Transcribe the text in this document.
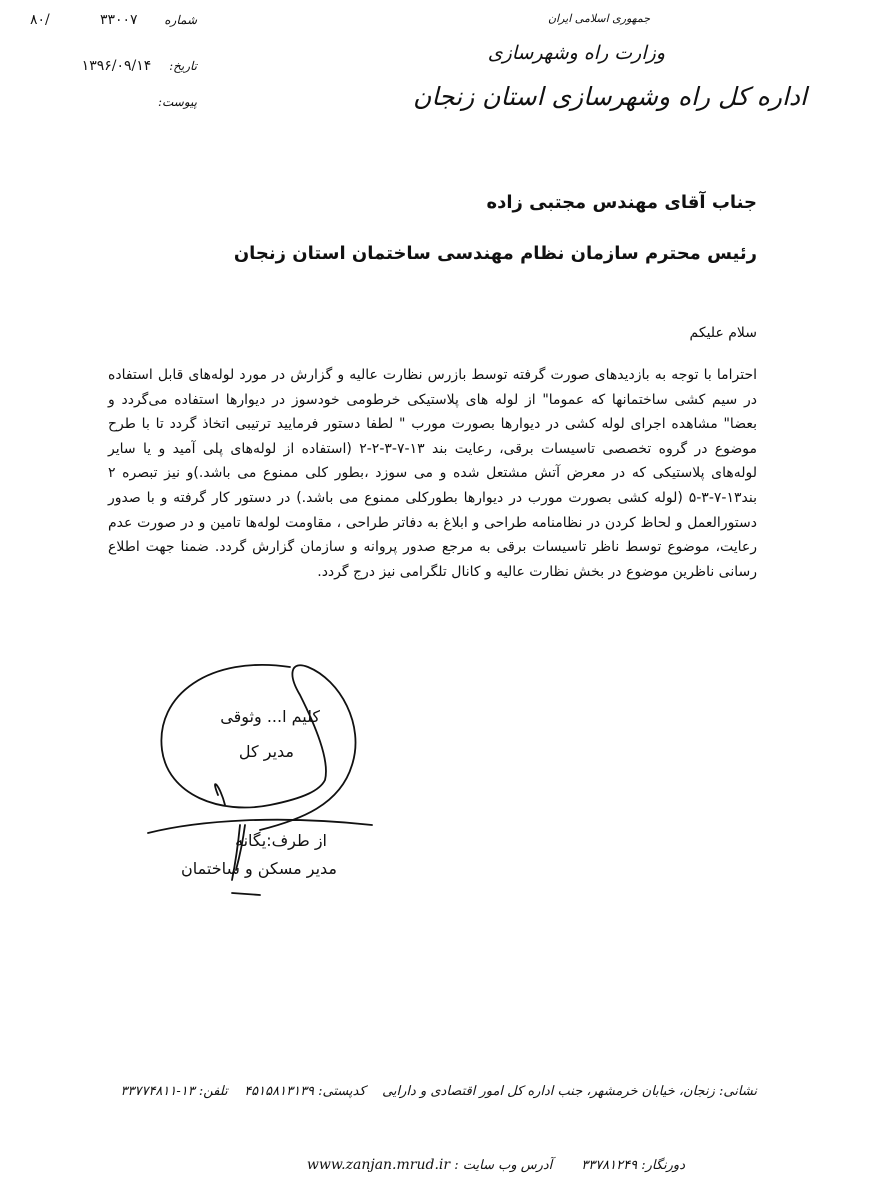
۸۰/	شماره      ۳۳۰۰۷
تاریخ:    ۱۳۹۶/۰۹/۱۴
پیوست:
جمهوری اسلامی ایران
وزارت راه وشهرسازی
اداره کل راه وشهرسازی استان زنجان
جناب آقای مهندس مجتبی زاده
رئیس محترم سازمان نظام مهندسی ساختمان استان زنجان
سلام علیکم
احتراما با توجه به بازدیدهای صورت گرفته توسط بازرس نظارت عالیه و گزارش در مورد لوله‌های قابل استفاده در سیم کشی ساختمانها که عموما" از لوله های پلاستیکی خرطومی خودسوز در دیوارها استفاده می‌گردد و بعضا" مشاهده اجرای لوله کشی در دیوارها بصورت مورب " لطفا دستور فرمایید ترتیبی اتخاذ گردد تا با طرح موضوع در گروه تخصصی تاسیسات برقی، رعایت بند ۱۳-۷-۳-۲-۲ (استفاده از لوله‌های پلی آمید و یا سایر لوله‌های پلاستیکی که در معرض آتش مشتعل شده و می سوزد ،بطور کلی ممنوع می باشد.)و نیز تبصره ۲ بند۱۳-۷-۳-۵ (لوله کشی بصورت مورب در دیوارها بطورکلی ممنوع می باشد.) در دستور کار گرفته و با صدور دستورالعمل و لحاظ کردن در نظامنامه طراحی و ابلاغ به دفاتر طراحی ، مقاومت لوله‌ها تامین و در صورت عدم رعایت، موضوع توسط ناظر تاسیسات برقی به مرجع صدور پروانه و سازمان گزارش گردد. ضمنا جهت اطلاع رسانی ناظرین موضوع در بخش نظارت عالیه و کانال تلگرامی نیز درج گردد.
کلیم ا... وثوقی
مدیر کل
از طرف:یگانه
مدیر مسکن و ساختمان
نشانی: زنجان، خیابان خرمشهر، جنب اداره کل امور اقتصادی و دارایی    کدپستی: ۴۵۱۵۸۱۳۱۳۹    تلفن: ۱۳-۳۳۷۷۴۸۱۱
دورنگار: ۳۳۷۸۱۲۴۹       آدرس وب سایت : www.zanjan.mrud.ir
